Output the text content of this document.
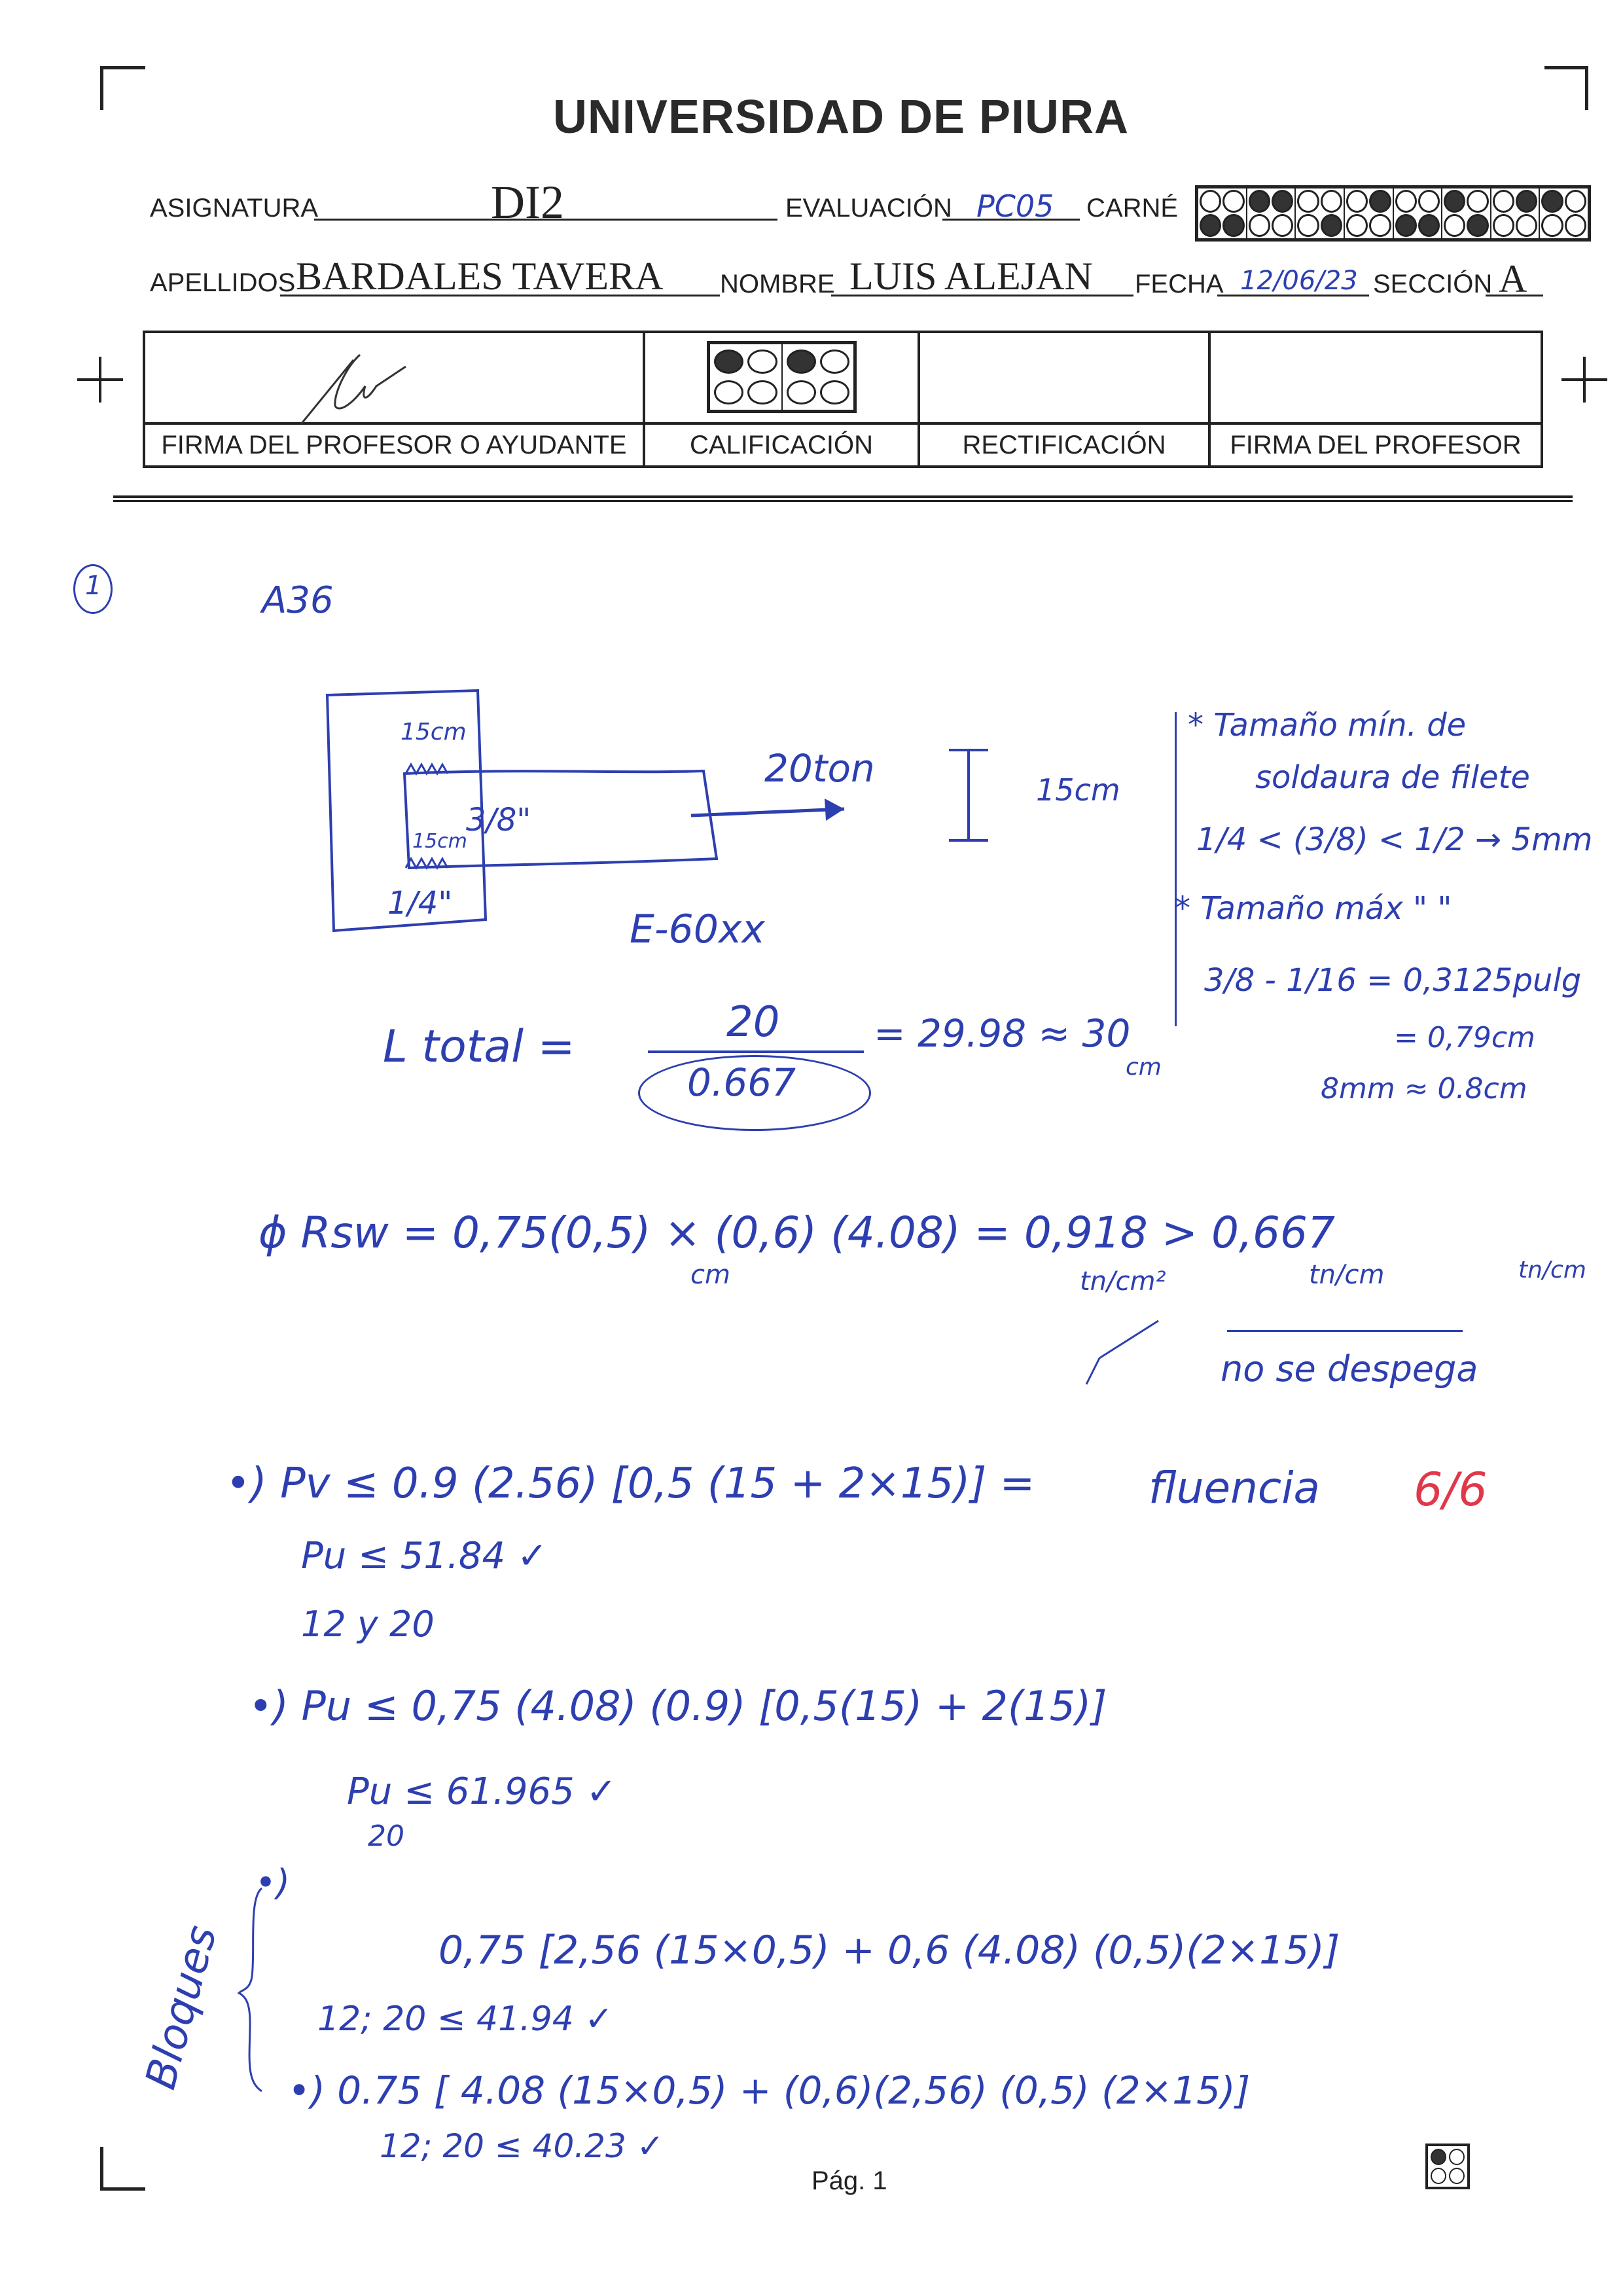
UNIVERSIDAD DE PIURA
ASIGNATURA	DI2	EVALUACIÓN PC05 CARNÉ
APELLIDOS BARDALES TAVERA NOMBRE LUIS ALEJAN FECHA 12/06/23 SECCIÓN A

FIRMA DEL PROFESOR O AYUDANTE	CALIFICACIÓN	RECTIFICACIÓN	FIRMA DEL PROFESOR
1	A36
15cm
3/8"
15cm
1/4"
20ton	15cm
E-60xx
* Tamaño mín. de
soldaura de filete
1/4 < (3/8) < 1/2 → 5mm
* Tamaño máx " "
3/8 - 1/16 = 0,3125pulg
= 0,79cm
8mm ≈ 0.8cm
L total =	20
0.667
= 29.98 ≈ 30
cm
ϕ Rsw = 0,75(0,5) × (0,6) (4.08) = 0,918 > 0,667
cm	tn/cm²	tn/cm	tn/cm
no se despega
•) Pv ≤ 0.9 (2.56) [0,5 (15 + 2×15)] =	fluencia 6/6
Pu ≤ 51.84 ✓
12 y 20
•) Pu ≤ 0,75 (4.08) (0.9) [0,5(15) + 2(15)]
Pu ≤ 61.965 ✓
20
Bloques
•)
0,75 [2,56 (15×0,5) + 0,6 (4.08) (0,5)(2×15)]
12; 20 ≤ 41.94 ✓
•) 0.75 [ 4.08 (15×0,5) + (0,6)(2,56) (0,5) (2×15)]
12; 20 ≤ 40.23 ✓
Pág. 1
